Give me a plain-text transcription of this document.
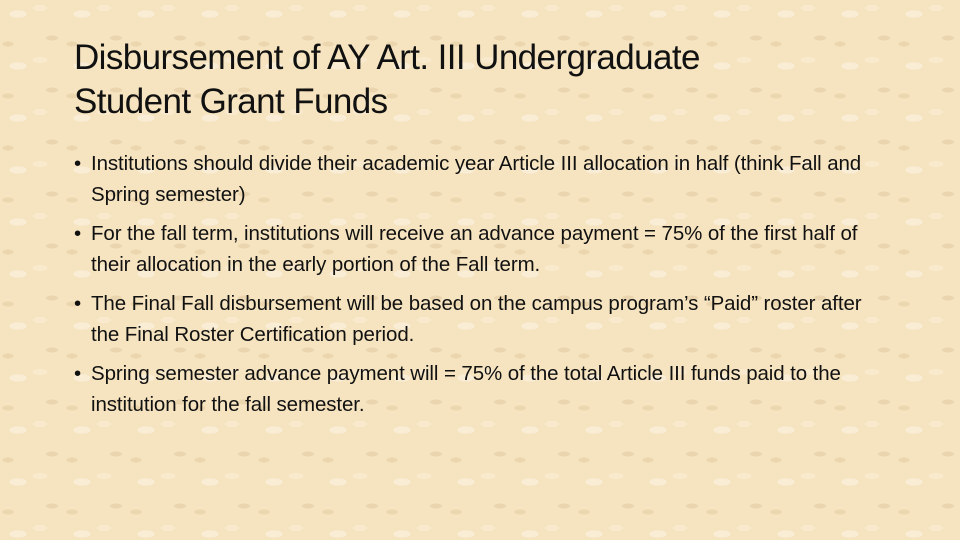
Disbursement of AY Art. III Undergraduate
Student Grant Funds
• Institutions should divide their academic year Article III allocation in half (think Fall and Spring semester)
• For the fall term, institutions will receive an advance payment = 75% of the first half of their allocation in the early portion of the Fall term.
• The Final Fall disbursement will be based on the campus program’s “Paid” roster after the Final Roster Certification period.
• Spring semester advance payment will = 75% of the total Article III funds paid to the institution for the fall semester.
